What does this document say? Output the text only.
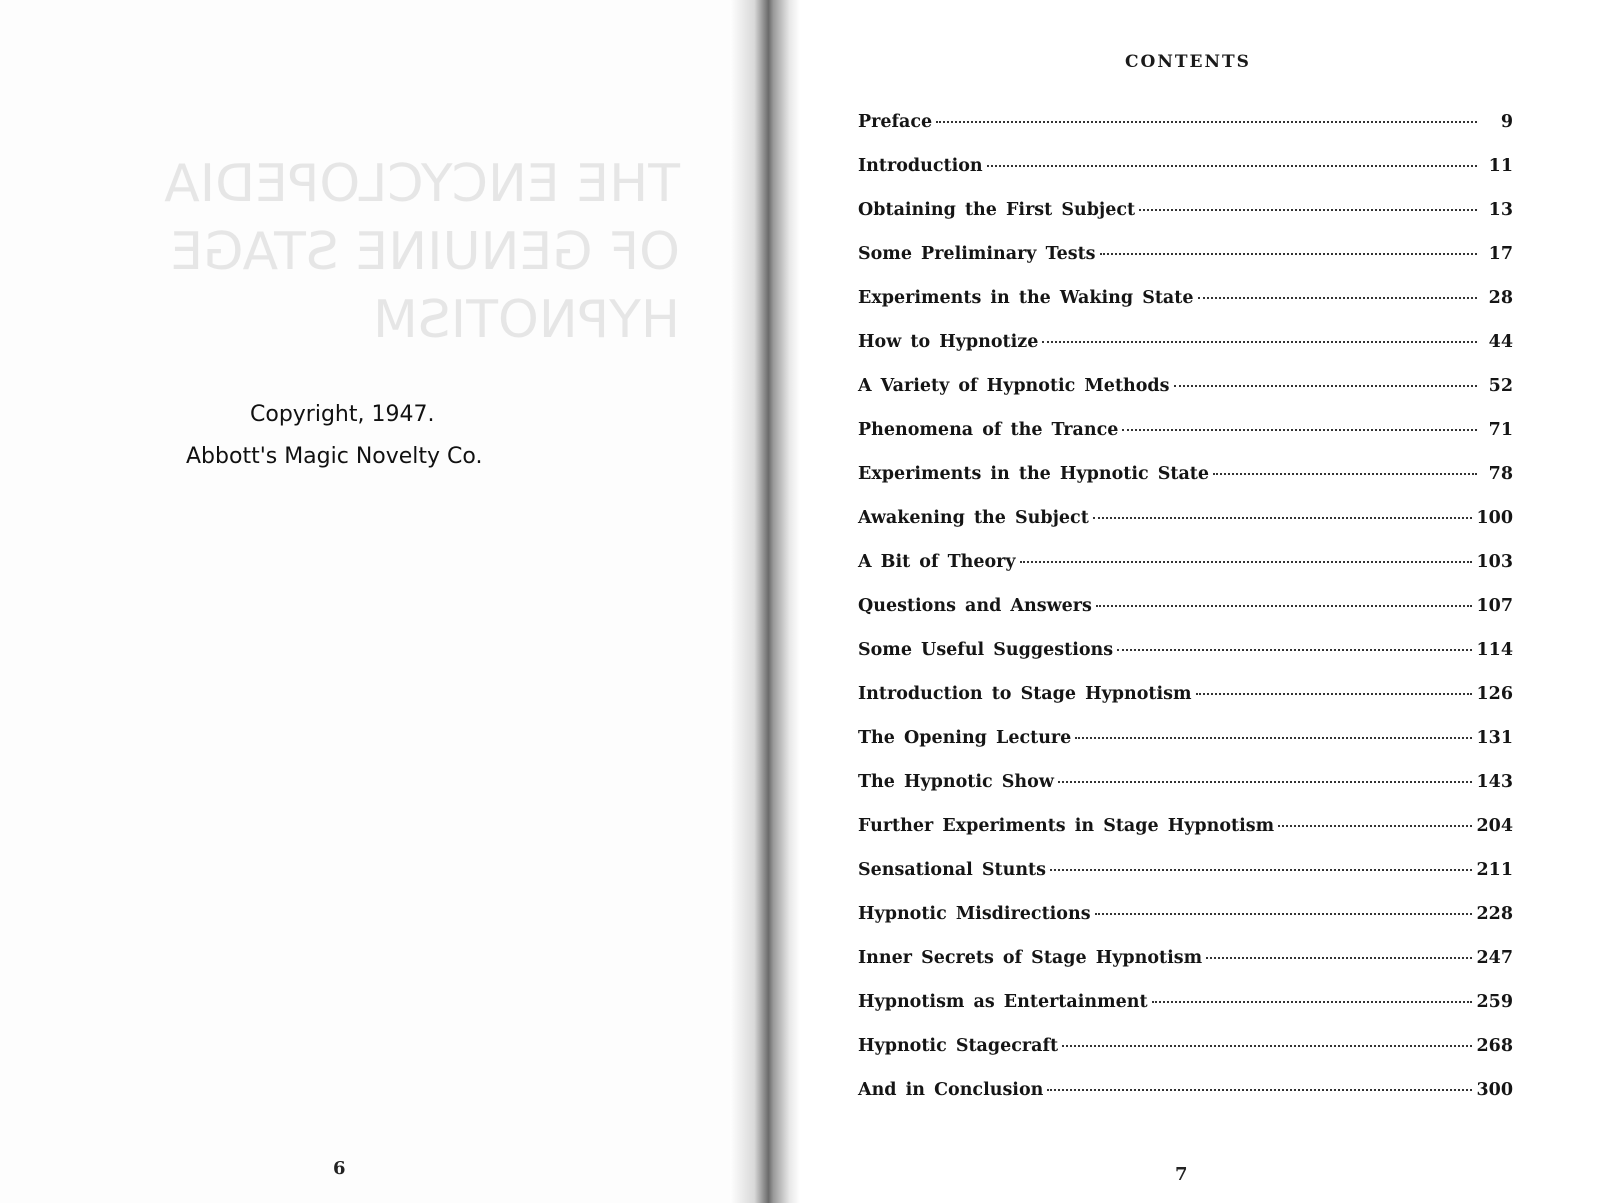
THE ENCYCLOPEDIA OF GENUINE STAGE HYPNOTISM
Copyright, 1947.
Abbott's Magic Novelty Co.
6
CONTENTS
Preface	9
Introduction	11
Obtaining the First Subject	13
Some Preliminary Tests	17
Experiments in the Waking State	28
How to Hypnotize	44
A Variety of Hypnotic Methods	52
Phenomena of the Trance	71
Experiments in the Hypnotic State	78
Awakening the Subject	100
A Bit of Theory	103
Questions and Answers	107
Some Useful Suggestions	114
Introduction to Stage Hypnotism	126
The Opening Lecture	131
The Hypnotic Show	143
Further Experiments in Stage Hypnotism	204
Sensational Stunts	211
Hypnotic Misdirections	228
Inner Secrets of Stage Hypnotism	247
Hypnotism as Entertainment	259
Hypnotic Stagecraft	268
And in Conclusion	300
7
